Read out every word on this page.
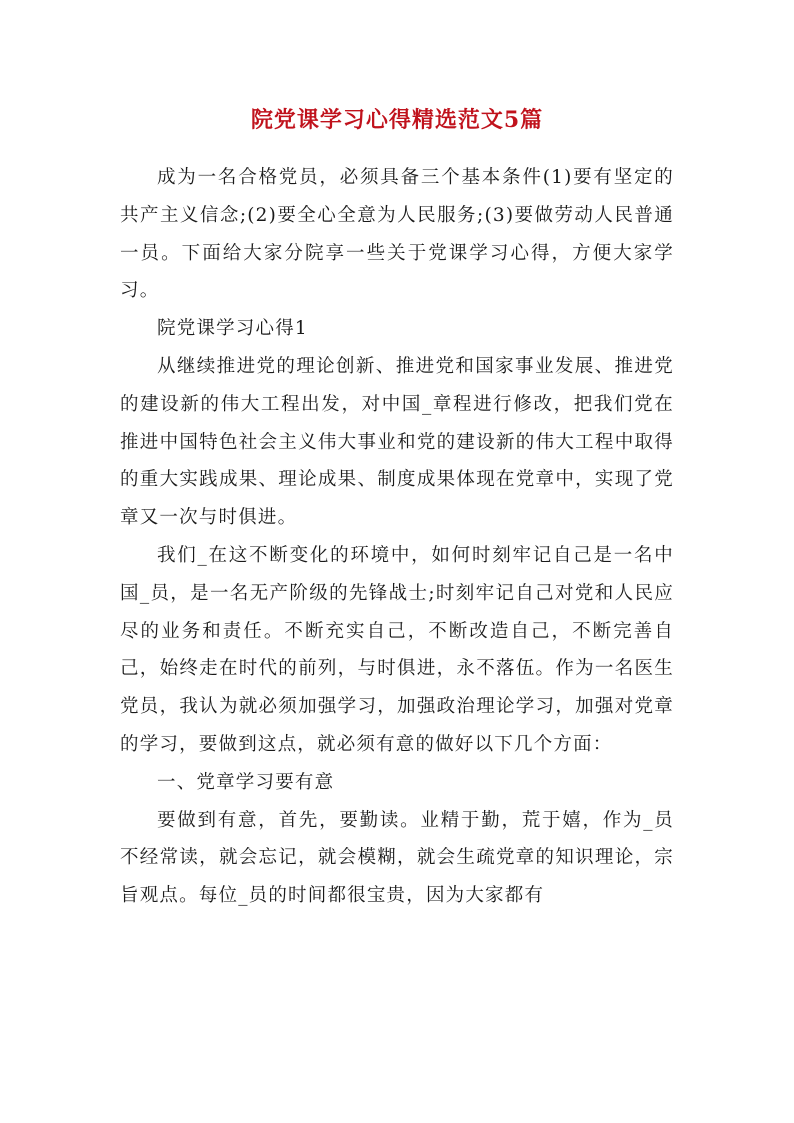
院党课学习心得精选范文5篇

成为一名合格党员，必须具备三个基本条件(1)要有坚定的共产主义信念;(2)要全心全意为人民服务;(3)要做劳动人民普通一员。下面给大家分院享一些关于党课学习心得，方便大家学习。

院党课学习心得1

从继续推进党的理论创新、推进党和国家事业发展、推进党的建设新的伟大工程出发，对中国_章程进行修改，把我们党在推进中国特色社会主义伟大事业和党的建设新的伟大工程中取得的重大实践成果、理论成果、制度成果体现在党章中，实现了党章又一次与时俱进。

我们_在这不断变化的环境中，如何时刻牢记自己是一名中国_员，是一名无产阶级的先锋战士;时刻牢记自己对党和人民应尽的业务和责任。不断充实自己，不断改造自己，不断完善自己，始终走在时代的前列，与时俱进，永不落伍。作为一名医生党员，我认为就必须加强学习，加强政治理论学习，加强对党章的学习，要做到这点，就必须有意的做好以下几个方面：

一、党章学习要有意

要做到有意，首先，要勤读。业精于勤，荒于嬉，作为_员不经常读，就会忘记，就会模糊，就会生疏党章的知识理论，宗旨观点。每位_员的时间都很宝贵，因为大家都有
